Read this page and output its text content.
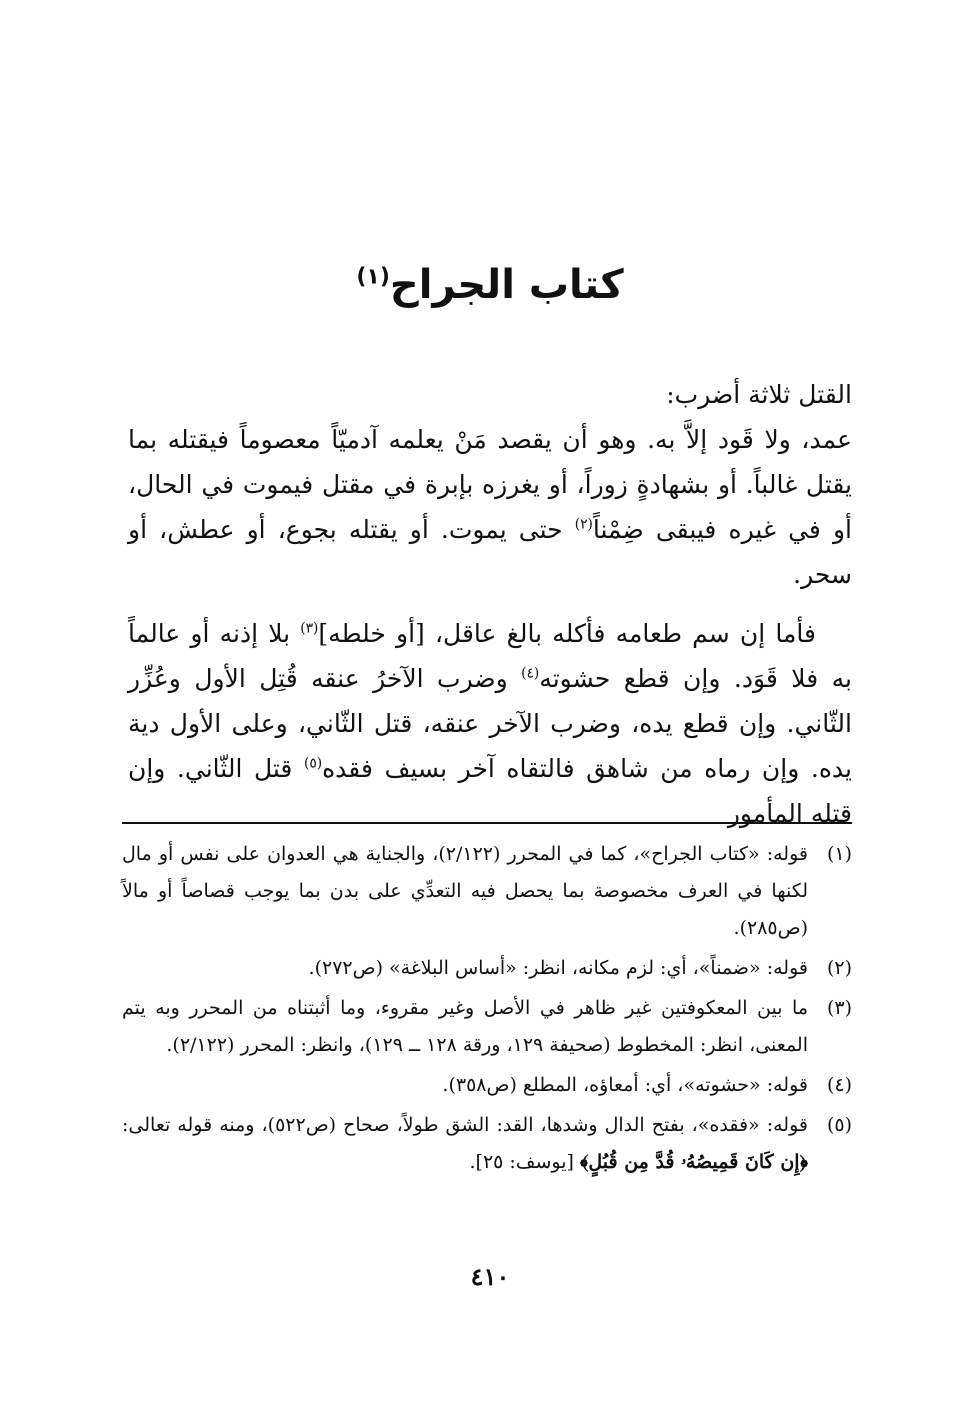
كتاب الجراح$^{(١)}$

القتل ثلاثة أضرب:

عمد، ولا قَود إلاَّ به. وهو أن يقصد مَنْ يعلمه آدميّاً معصوماً فيقتله بما يقتل غالباً. أو بشهادةٍ زوراً، أو يغرزه بإبرة في مقتل فيموت في الحال، أو في غيره فيبقى ضِمْناً$^{(٢)}$ حتى يموت. أو يقتله بجوع، أو عطش، أو سحر.

فأما إن سم طعامه فأكله بالغ عاقل، [أو خلطه]$^{(٣)}$ بلا إذنه أو عالماً به فلا قَوَد. وإن قطع حشوته$^{(٤)}$ وضرب الآخرُ عنقه قُتِل الأول وعُزِّر الثّاني. وإن قطع يده، وضرب الآخر عنقه، قتل الثّاني، وعلى الأول دية يده. وإن رماه من شاهق فالتقاه آخر بسيف فقده$^{(٥)}$ قتل الثّاني. وإن قتله المأمور

(١)
قوله: «كتاب الجراح»، كما في المحرر (٢/١٢٢)، والجناية هي العدوان على نفس أو مال لكنها في العرف مخصوصة بما يحصل فيه التعدِّي على بدن بما يوجب قصاصاً أو مالاً (ص٢٨٥).
(٢)
قوله: «ضمناً»، أي: لزم مكانه، انظر: «أساس البلاغة» (ص٢٧٢).
(٣)
ما بين المعكوفتين غير ظاهر في الأصل وغير مقروء، وما أثبتناه من المحرر وبه يتم المعنى، انظر: المخطوط (صحيفة ١٢٩، ورقة ١٢٨ ــ ١٢٩)، وانظر: المحرر (٢/١٢٢).
(٤)
قوله: «حشوته»، أي: أمعاؤه، المطلع (ص٣٥٨).
(٥)
قوله: «فقده»، بفتح الدال وشدها، القد: الشق طولاً، صحاح (ص٥٢٢)، ومنه قوله تعالى: ﴿إِن كَانَ قَمِيصُهُۥ قُدَّ مِن قُبُلٍ﴾ [يوسف: ٢٥].
٤١٠
